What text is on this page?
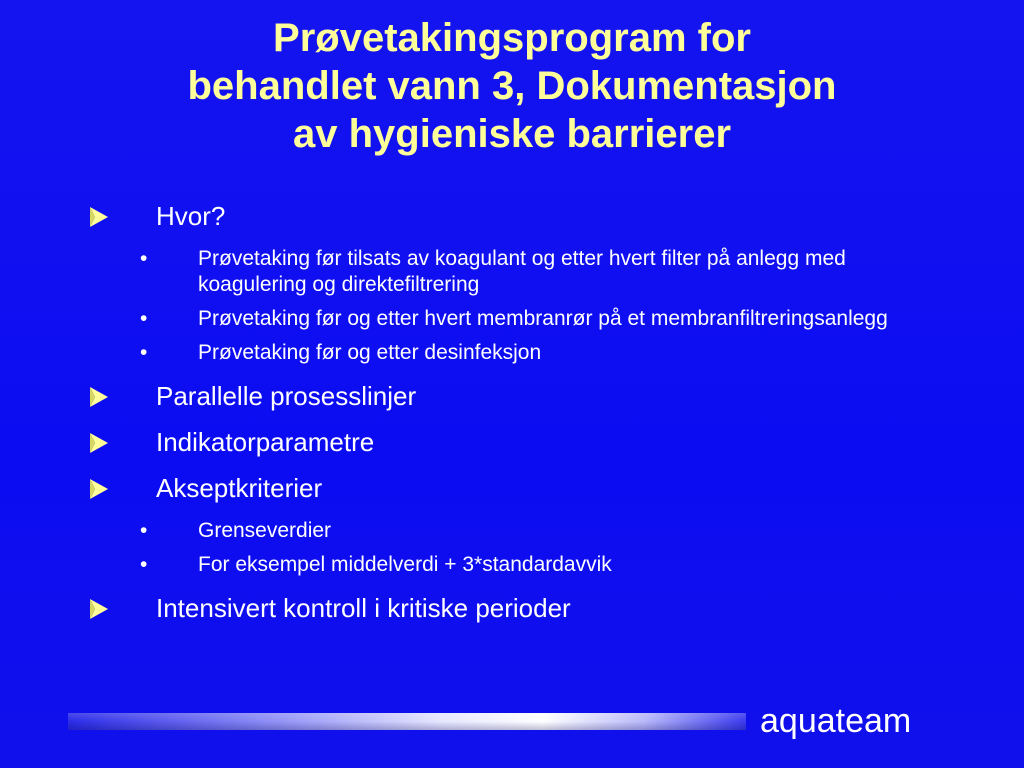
Prøvetakingsprogram for
behandlet vann 3, Dokumentasjon
av hygieniske barrierer
Hvor?
• Prøvetaking før tilsats av koagulant og etter hvert filter på anlegg med koagulering og direktefiltrering
• Prøvetaking før og etter hvert membranrør på et membranfiltreringsanlegg
• Prøvetaking før og etter desinfeksjon
Parallelle prosesslinjer
Indikatorparametre
Akseptkriterier
• Grenseverdier
• For eksempel middelverdi + 3*standardavvik
Intensivert kontroll i kritiske perioder
aquateam
